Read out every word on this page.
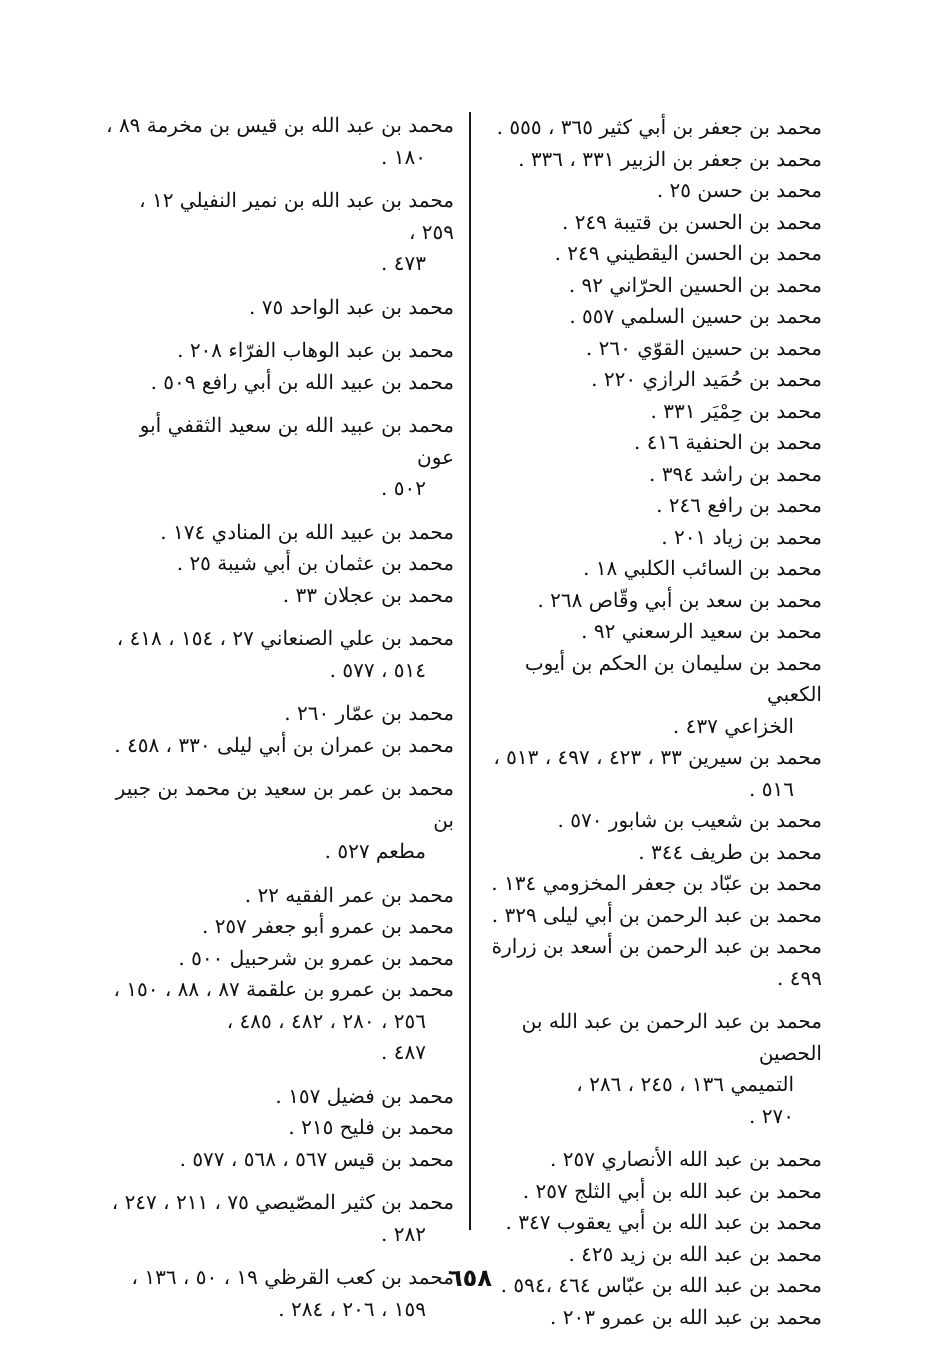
محمد بن عبد الله بن قيس بن مخرمة ٨٩ ،
١٨٠ .
محمد بن عبد الله بن نمير النفيلي ١٢ ، ٢٥٩ ،
٤٧٣ .
محمد بن عبد الواحد ٧٥ .
محمد بن عبد الوهاب الفرّاء ٢٠٨ .
محمد بن عبيد الله بن أبي رافع ٥٠٩ .
محمد بن عبيد الله بن سعيد الثقفي أبو عون
٥٠٢ .
محمد بن عبيد الله بن المنادي ١٧٤ .
محمد بن عثمان بن أبي شيبة ٢٥ .
محمد بن عجلان ٣٣ .
محمد بن علي الصنعاني ٢٧ ، ١٥٤ ، ٤١٨ ،
٥١٤ ، ٥٧٧ .
محمد بن عمّار ٢٦٠ .
محمد بن عمران بن أبي ليلى ٣٣٠ ، ٤٥٨ .
محمد بن عمر بن سعيد بن محمد بن جبير بن
مطعم ٥٢٧ .
محمد بن عمر الفقيه ٢٢ .
محمد بن عمرو أبو جعفر ٢٥٧ .
محمد بن عمرو بن شرحبيل ٥٠٠ .
محمد بن عمرو بن علقمة ٨٧ ، ٨٨ ، ١٥٠ ،
٢٥٦ ، ٢٨٠ ، ٤٨٢ ، ٤٨٥ ،
٤٨٧ .
محمد بن فضيل ١٥٧ .
محمد بن فليح ٢١٥ .
محمد بن قيس ٥٦٧ ، ٥٦٨ ، ٥٧٧ .
محمد بن كثير المصّيصي ٧٥ ، ٢١١ ، ٢٤٧ ،
٢٨٢ .
محمد بن كعب القرظي ١٩ ، ٥٠ ، ١٣٦ ،
١٥٩ ، ٢٠٦ ، ٢٨٤ .
محمد بن جعفر بن أبي كثير ٣٦٥ ، ٥٥٥ .
محمد بن جعفر بن الزبير ٣٣١ ، ٣٣٦ .
محمد بن حسن ٢٥ .
محمد بن الحسن بن قتيبة ٢٤٩ .
محمد بن الحسن اليقطيني ٢٤٩ .
محمد بن الحسين الحرّاني ٩٢ .
محمد بن حسين السلمي ٥٥٧ .
محمد بن حسين القوّي ٢٦٠ .
محمد بن حُمَيد الرازي ٢٢٠ .
محمد بن حِمْيَر ٣٣١ .
محمد بن الحنفية ٤١٦ .
محمد بن راشد ٣٩٤ .
محمد بن رافع ٢٤٦ .
محمد بن زياد ٢٠١ .
محمد بن السائب الكلبي ١٨ .
محمد بن سعد بن أبي وقّاص ٢٦٨ .
محمد بن سعيد الرسعني ٩٢ .
محمد بن سليمان بن الحكم بن أيوب الكعبي
الخزاعي ٤٣٧ .
محمد بن سيرين ٣٣ ، ٤٢٣ ، ٤٩٧ ، ٥١٣ ،
٥١٦ .
محمد بن شعيب بن شابور ٥٧٠ .
محمد بن طريف ٣٤٤ .
محمد بن عبّاد بن جعفر المخزومي ١٣٤ .
محمد بن عبد الرحمن بن أبي ليلى ٣٢٩ .
محمد بن عبد الرحمن بن أسعد بن زرارة ٤٩٩ .
محمد بن عبد الرحمن بن عبد الله بن الحصين
التميمي ١٣٦ ، ٢٤٥ ، ٢٨٦ ،
٢٧٠ .
محمد بن عبد الله الأنصاري ٢٥٧ .
محمد بن عبد الله بن أبي الثلج ٢٥٧ .
محمد بن عبد الله بن أبي يعقوب ٣٤٧ .
محمد بن عبد الله بن زيد ٤٢٥ .
محمد بن عبد الله بن عبّاس ٤٦٤ ،٥٩٤ .
محمد بن عبد الله بن عمرو ٢٠٣ .
٦٥٨
